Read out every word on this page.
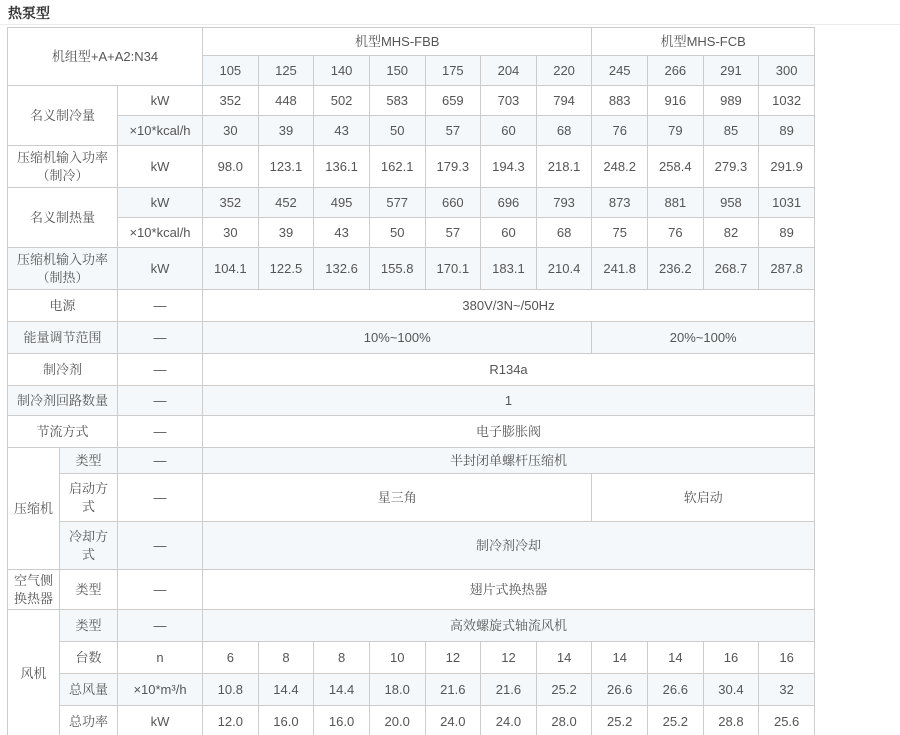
热泵型
机组型+A+A2:N34			机型MHS-FBB							机型MHS-FCB			
			105	125	140	150	175	204	220	245	266	291	300
名义制冷量		kW	352	448	502	583	659	703	794	883	916	989	1032
		×10*kcal/h	30	39	43	50	57	60	68	76	79	85	89
压缩机输入功率（制冷）		kW	98.0	123.1	136.1	162.1	179.3	194.3	218.1	248.2	258.4	279.3	291.9
名义制热量		kW	352	452	495	577	660	696	793	873	881	958	1031
		×10*kcal/h	30	39	43	50	57	60	68	75	76	82	89
压缩机输入功率（制热）		kW	104.1	122.5	132.6	155.8	170.1	183.1	210.4	241.8	236.2	268.7	287.8
电源		—	380V/3N~/50Hz										
能量调节范围		—	10%~100%							20%~100%			
制冷剂		—	R134a										
制冷剂回路数量		—	1										
节流方式		—	电子膨胀阀										
压缩机	类型	—	半封闭单螺杆压缩机										
	启动方式	—	星三角							软启动			
	冷却方式	—	制冷剂冷却										
空气侧换热器	类型	—	翅片式换热器										
风机	类型	—	高效螺旋式轴流风机										
	台数	n	6	8	8	10	12	12	14	14	14	16	16
	总风量	×10*m³/h	10.8	14.4	14.4	18.0	21.6	21.6	25.2	26.6	26.6	30.4	32
	总功率	kW	12.0	16.0	16.0	20.0	24.0	24.0	28.0	25.2	25.2	28.8	25.6
